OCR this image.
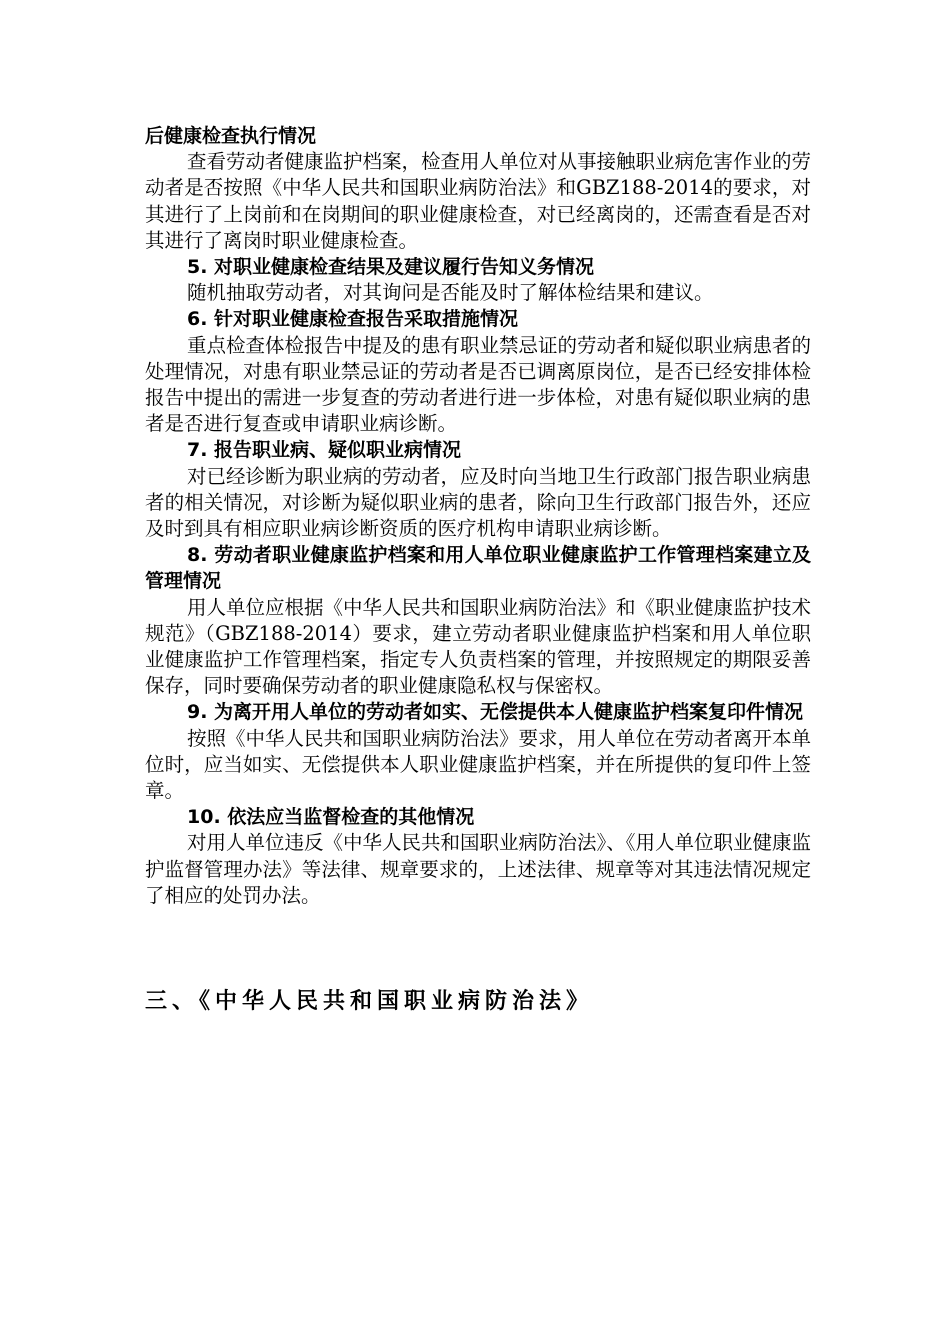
后健康检查执行情况

查看劳动者健康监护档案，检查用人单位对从事接触职业病危害作业的劳动者是否按照《中华人民共和国职业病防治法》和GBZ188-2014的要求，对其进行了上岗前和在岗期间的职业健康检查，对已经离岗的，还需查看是否对其进行了离岗时职业健康检查。

5. 对职业健康检查结果及建议履行告知义务情况

随机抽取劳动者，对其询问是否能及时了解体检结果和建议。

6. 针对职业健康检查报告采取措施情况

重点检查体检报告中提及的患有职业禁忌证的劳动者和疑似职业病患者的处理情况，对患有职业禁忌证的劳动者是否已调离原岗位，是否已经安排体检报告中提出的需进一步复查的劳动者进行进一步体检，对患有疑似职业病的患者是否进行复查或申请职业病诊断。

7. 报告职业病、疑似职业病情况

对已经诊断为职业病的劳动者，应及时向当地卫生行政部门报告职业病患者的相关情况，对诊断为疑似职业病的患者，除向卫生行政部门报告外，还应及时到具有相应职业病诊断资质的医疗机构申请职业病诊断。

8. 劳动者职业健康监护档案和用人单位职业健康监护工作管理档案建立及管理情况

用人单位应根据《中华人民共和国职业病防治法》和《职业健康监护技术规范》（GBZ188-2014）要求，建立劳动者职业健康监护档案和用人单位职业健康监护工作管理档案，指定专人负责档案的管理，并按照规定的期限妥善保存，同时要确保劳动者的职业健康隐私权与保密权。

9. 为离开用人单位的劳动者如实、无偿提供本人健康监护档案复印件情况

按照《中华人民共和国职业病防治法》要求，用人单位在劳动者离开本单位时，应当如实、无偿提供本人职业健康监护档案，并在所提供的复印件上签章。

10. 依法应当监督检查的其他情况

对用人单位违反《中华人民共和国职业病防治法》、《用人单位职业健康监护监督管理办法》等法律、规章要求的，上述法律、规章等对其违法情况规定了相应的处罚办法。

三、《中华人民共和国职业病防治法》
